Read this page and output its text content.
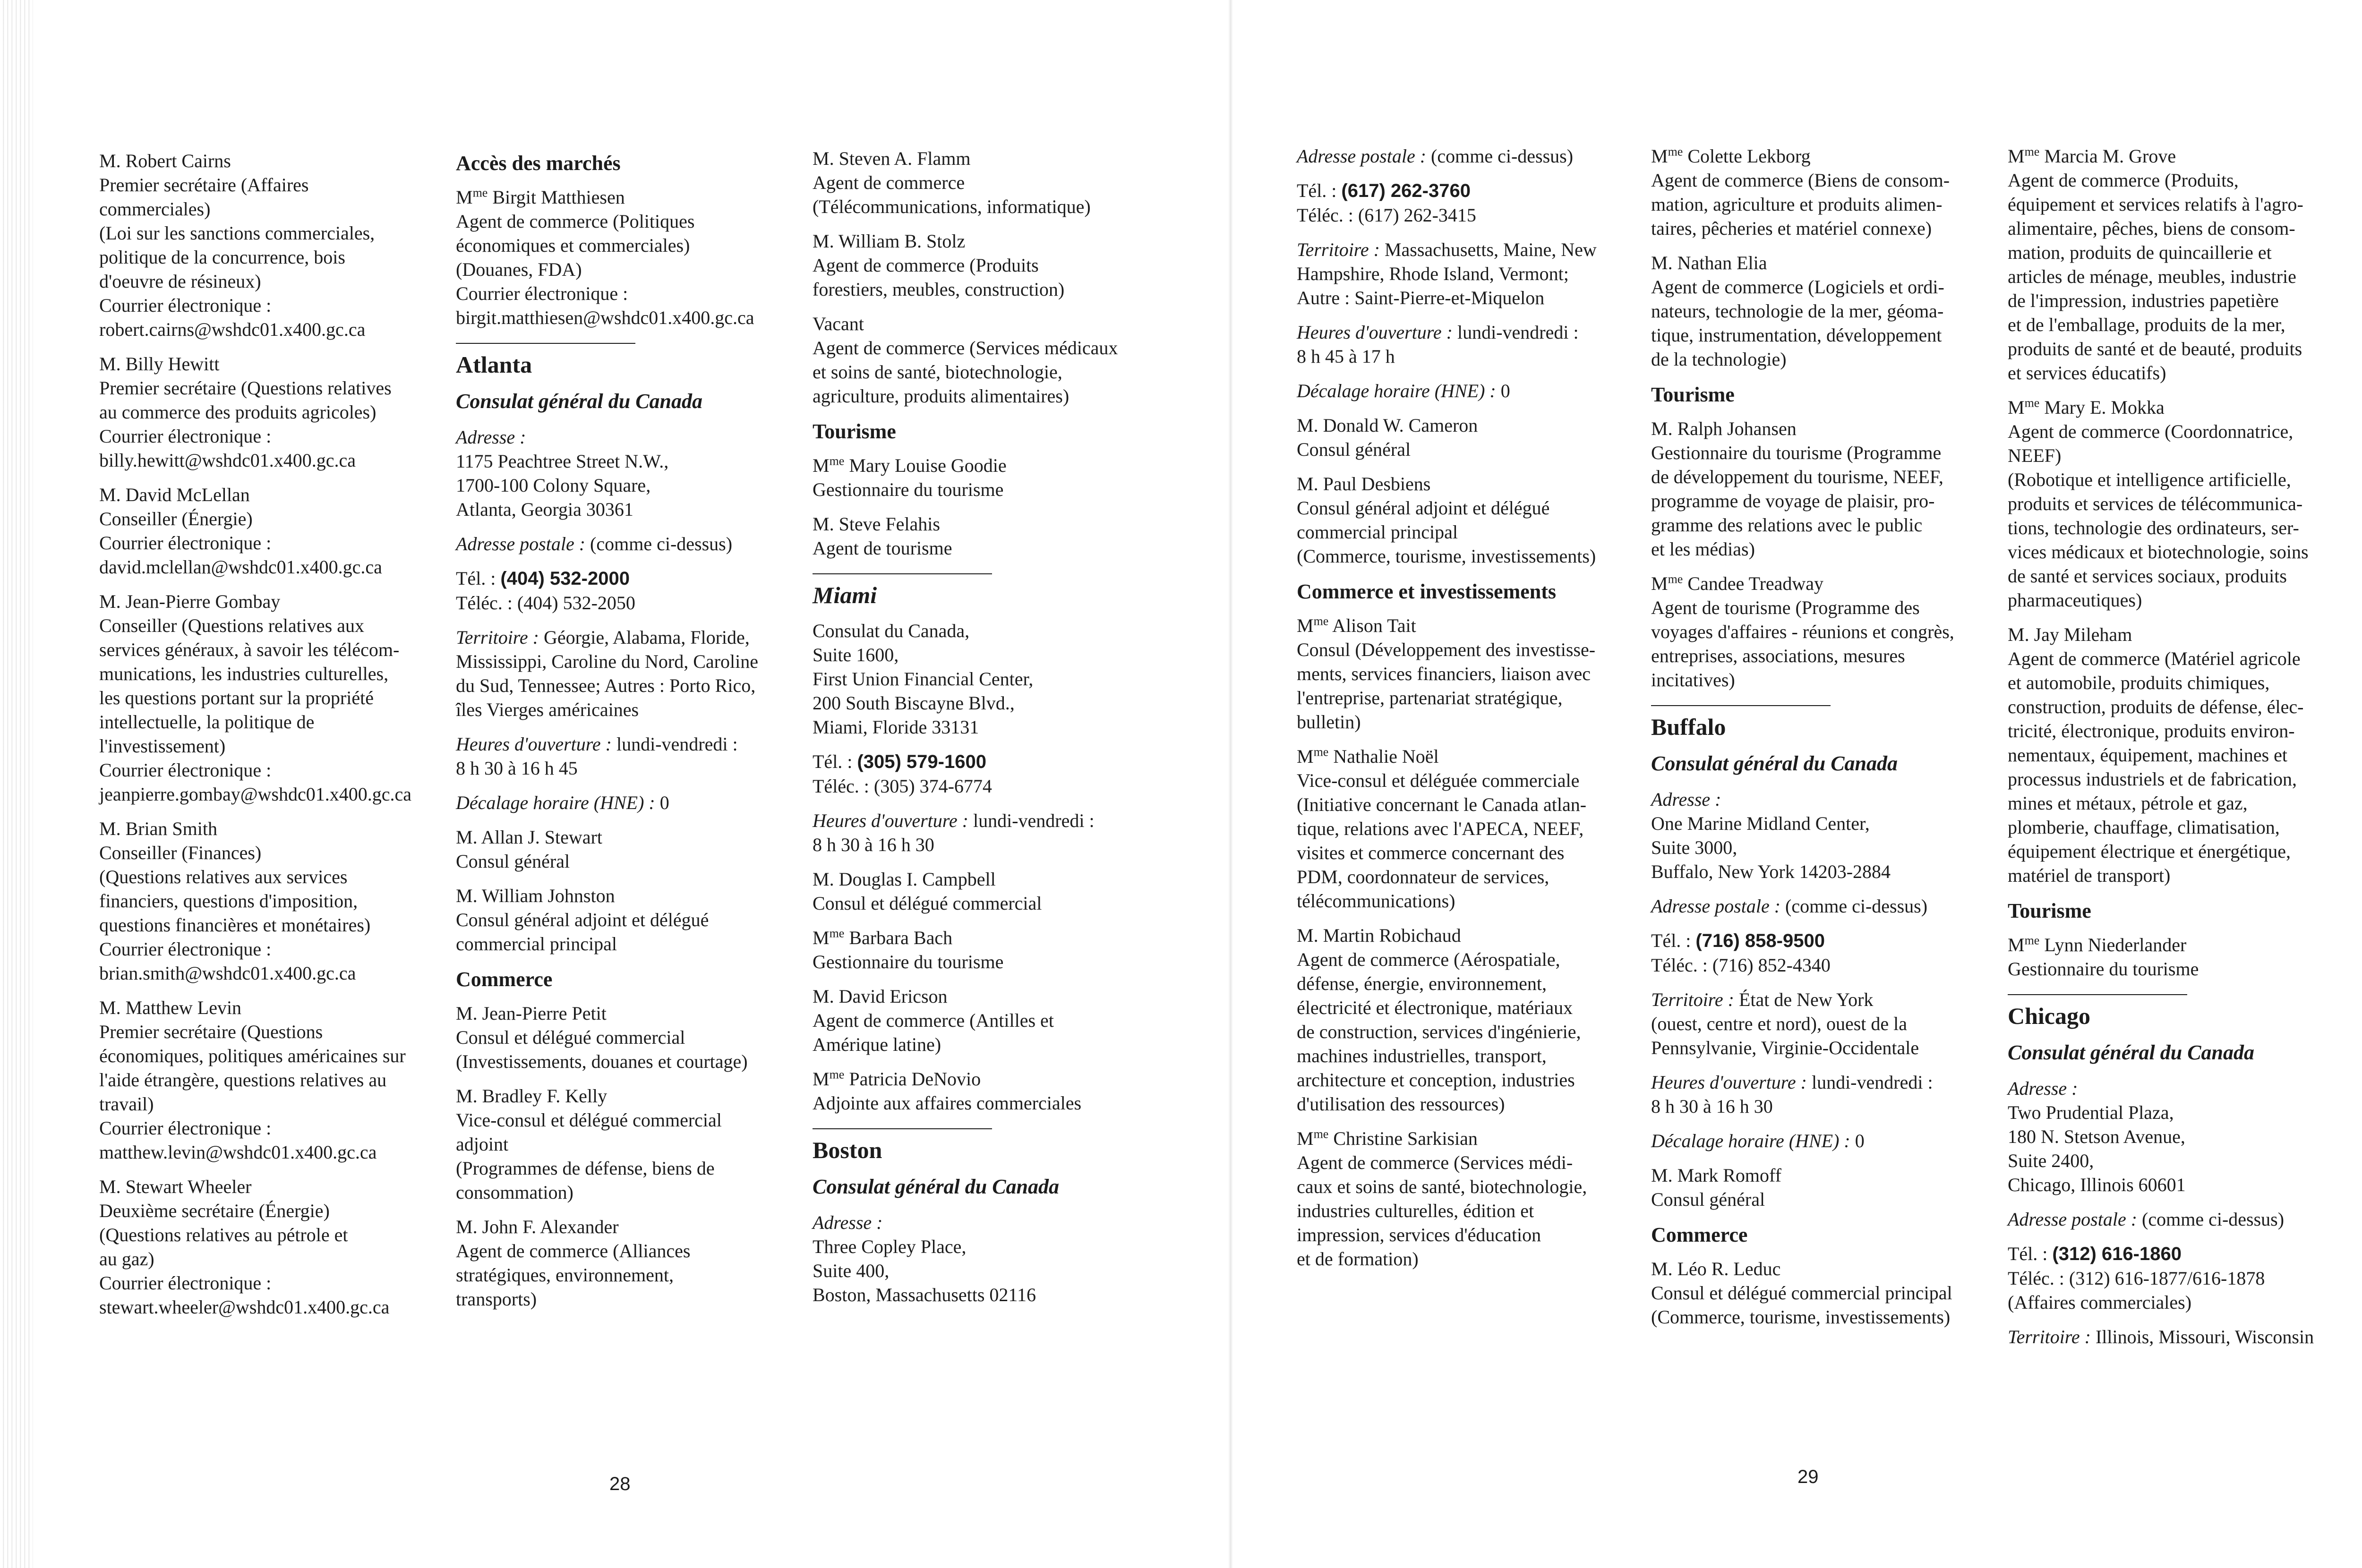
M. Robert Cairns
Premier secrétaire (Affaires
commerciales)
(Loi sur les sanctions commerciales,
politique de la concurrence, bois
d'oeuvre de résineux)
Courrier électronique :
robert.cairns@wshdc01.x400.gc.ca
M. Billy Hewitt
Premier secrétaire (Questions relatives
au commerce des produits agricoles)
Courrier électronique :
billy.hewitt@wshdc01.x400.gc.ca
M. David McLellan
Conseiller (Énergie)
Courrier électronique :
david.mclellan@wshdc01.x400.gc.ca
M. Jean-Pierre Gombay
Conseiller (Questions relatives aux
services généraux, à savoir les télécom-
munications, les industries culturelles,
les questions portant sur la propriété
intellectuelle, la politique de
l'investissement)
Courrier électronique :
jeanpierre.gombay@wshdc01.x400.gc.ca
M. Brian Smith
Conseiller (Finances)
(Questions relatives aux services
financiers, questions d'imposition,
questions financières et monétaires)
Courrier électronique :
brian.smith@wshdc01.x400.gc.ca
M. Matthew Levin
Premier secrétaire (Questions
économiques, politiques américaines sur
l'aide étrangère, questions relatives au
travail)
Courrier électronique :
matthew.levin@wshdc01.x400.gc.ca
M. Stewart Wheeler
Deuxième secrétaire (Énergie)
(Questions relatives au pétrole et
au gaz)
Courrier électronique :
stewart.wheeler@wshdc01.x400.gc.ca
Accès des marchés
$M^{me}$ Birgit Matthiesen
Agent de commerce (Politiques
économiques et commerciales)
(Douanes, FDA)
Courrier électronique :
birgit.matthiesen@wshdc01.x400.gc.ca
Atlanta
Consulat général du Canada
Adresse :
1175 Peachtree Street N.W.,
1700-100 Colony Square,
Atlanta, Georgia 30361
Adresse postale : (comme ci-dessus)
Tél. : (404) 532-2000
Téléc. : (404) 532-2050
Territoire : Géorgie, Alabama, Floride,
Mississippi, Caroline du Nord, Caroline
du Sud, Tennessee; Autres : Porto Rico,
îles Vierges américaines
Heures d'ouverture : lundi-vendredi :
8 h 30 à 16 h 45
Décalage horaire (HNE) : 0
M. Allan J. Stewart
Consul général
M. William Johnston
Consul général adjoint et délégué
commercial principal
Commerce
M. Jean-Pierre Petit
Consul et délégué commercial
(Investissements, douanes et courtage)
M. Bradley F. Kelly
Vice-consul et délégué commercial
adjoint
(Programmes de défense, biens de
consommation)
M. John F. Alexander
Agent de commerce (Alliances
stratégiques, environnement,
transports)
M. Steven A. Flamm
Agent de commerce
(Télécommunications, informatique)
M. William B. Stolz
Agent de commerce (Produits
forestiers, meubles, construction)
Vacant
Agent de commerce (Services médicaux
et soins de santé, biotechnologie,
agriculture, produits alimentaires)
Tourisme
$M^{me}$ Mary Louise Goodie
Gestionnaire du tourisme
M. Steve Felahis
Agent de tourisme
Miami
Consulat du Canada,
Suite 1600,
First Union Financial Center,
200 South Biscayne Blvd.,
Miami, Floride 33131
Tél. : (305) 579-1600
Téléc. : (305) 374-6774
Heures d'ouverture : lundi-vendredi :
8 h 30 à 16 h 30
M. Douglas I. Campbell
Consul et délégué commercial
$M^{me}$ Barbara Bach
Gestionnaire du tourisme
M. David Ericson
Agent de commerce (Antilles et
Amérique latine)
$M^{me}$ Patricia DeNovio
Adjointe aux affaires commerciales
Boston
Consulat général du Canada
Adresse :
Three Copley Place,
Suite 400,
Boston, Massachusetts 02116
28
Adresse postale : (comme ci-dessus)
Tél. : (617) 262-3760
Téléc. : (617) 262-3415
Territoire : Massachusetts, Maine, New
Hampshire, Rhode Island, Vermont;
Autre : Saint-Pierre-et-Miquelon
Heures d'ouverture : lundi-vendredi :
8 h 45 à 17 h
Décalage horaire (HNE) : 0
M. Donald W. Cameron
Consul général
M. Paul Desbiens
Consul général adjoint et délégué
commercial principal
(Commerce, tourisme, investissements)
Commerce et investissements
$M^{me}$ Alison Tait
Consul (Développement des investisse-
ments, services financiers, liaison avec
l'entreprise, partenariat stratégique,
bulletin)
$M^{me}$ Nathalie Noël
Vice-consul et déléguée commerciale
(Initiative concernant le Canada atlan-
tique, relations avec l'APECA, NEEF,
visites et commerce concernant des
PDM, coordonnateur de services,
télécommunications)
M. Martin Robichaud
Agent de commerce (Aérospatiale,
défense, énergie, environnement,
électricité et électronique, matériaux
de construction, services d'ingénierie,
machines industrielles, transport,
architecture et conception, industries
d'utilisation des ressources)
$M^{me}$ Christine Sarkisian
Agent de commerce (Services médi-
caux et soins de santé, biotechnologie,
industries culturelles, édition et
impression, services d'éducation
et de formation)
$M^{me}$ Colette Lekborg
Agent de commerce (Biens de consom-
mation, agriculture et produits alimen-
taires, pêcheries et matériel connexe)
M. Nathan Elia
Agent de commerce (Logiciels et ordi-
nateurs, technologie de la mer, géoma-
tique, instrumentation, développement
de la technologie)
Tourisme
M. Ralph Johansen
Gestionnaire du tourisme (Programme
de développement du tourisme, NEEF,
programme de voyage de plaisir, pro-
gramme des relations avec le public
et les médias)
$M^{me}$ Candee Treadway
Agent de tourisme (Programme des
voyages d'affaires - réunions et congrès,
entreprises, associations, mesures
incitatives)
Buffalo
Consulat général du Canada
Adresse :
One Marine Midland Center,
Suite 3000,
Buffalo, New York 14203-2884
Adresse postale : (comme ci-dessus)
Tél. : (716) 858-9500
Téléc. : (716) 852-4340
Territoire : État de New York
(ouest, centre et nord), ouest de la
Pennsylvanie, Virginie-Occidentale
Heures d'ouverture : lundi-vendredi :
8 h 30 à 16 h 30
Décalage horaire (HNE) : 0
M. Mark Romoff
Consul général
Commerce
M. Léo R. Leduc
Consul et délégué commercial principal
(Commerce, tourisme, investissements)
$M^{me}$ Marcia M. Grove
Agent de commerce (Produits,
équipement et services relatifs à l'agro-
alimentaire, pêches, biens de consom-
mation, produits de quincaillerie et
articles de ménage, meubles, industrie
de l'impression, industries papetière
et de l'emballage, produits de la mer,
produits de santé et de beauté, produits
et services éducatifs)
$M^{me}$ Mary E. Mokka
Agent de commerce (Coordonnatrice,
NEEF)
(Robotique et intelligence artificielle,
produits et services de télécommunica-
tions, technologie des ordinateurs, ser-
vices médicaux et biotechnologie, soins
de santé et services sociaux, produits
pharmaceutiques)
M. Jay Mileham
Agent de commerce (Matériel agricole
et automobile, produits chimiques,
construction, produits de défense, élec-
tricité, électronique, produits environ-
nementaux, équipement, machines et
processus industriels et de fabrication,
mines et métaux, pétrole et gaz,
plomberie, chauffage, climatisation,
équipement électrique et énergétique,
matériel de transport)
Tourisme
$M^{me}$ Lynn Niederlander
Gestionnaire du tourisme
Chicago
Consulat général du Canada
Adresse :
Two Prudential Plaza,
180 N. Stetson Avenue,
Suite 2400,
Chicago, Illinois 60601
Adresse postale : (comme ci-dessus)
Tél. : (312) 616-1860
Téléc. : (312) 616-1877/616-1878
(Affaires commerciales)
Territoire : Illinois, Missouri, Wisconsin
29
